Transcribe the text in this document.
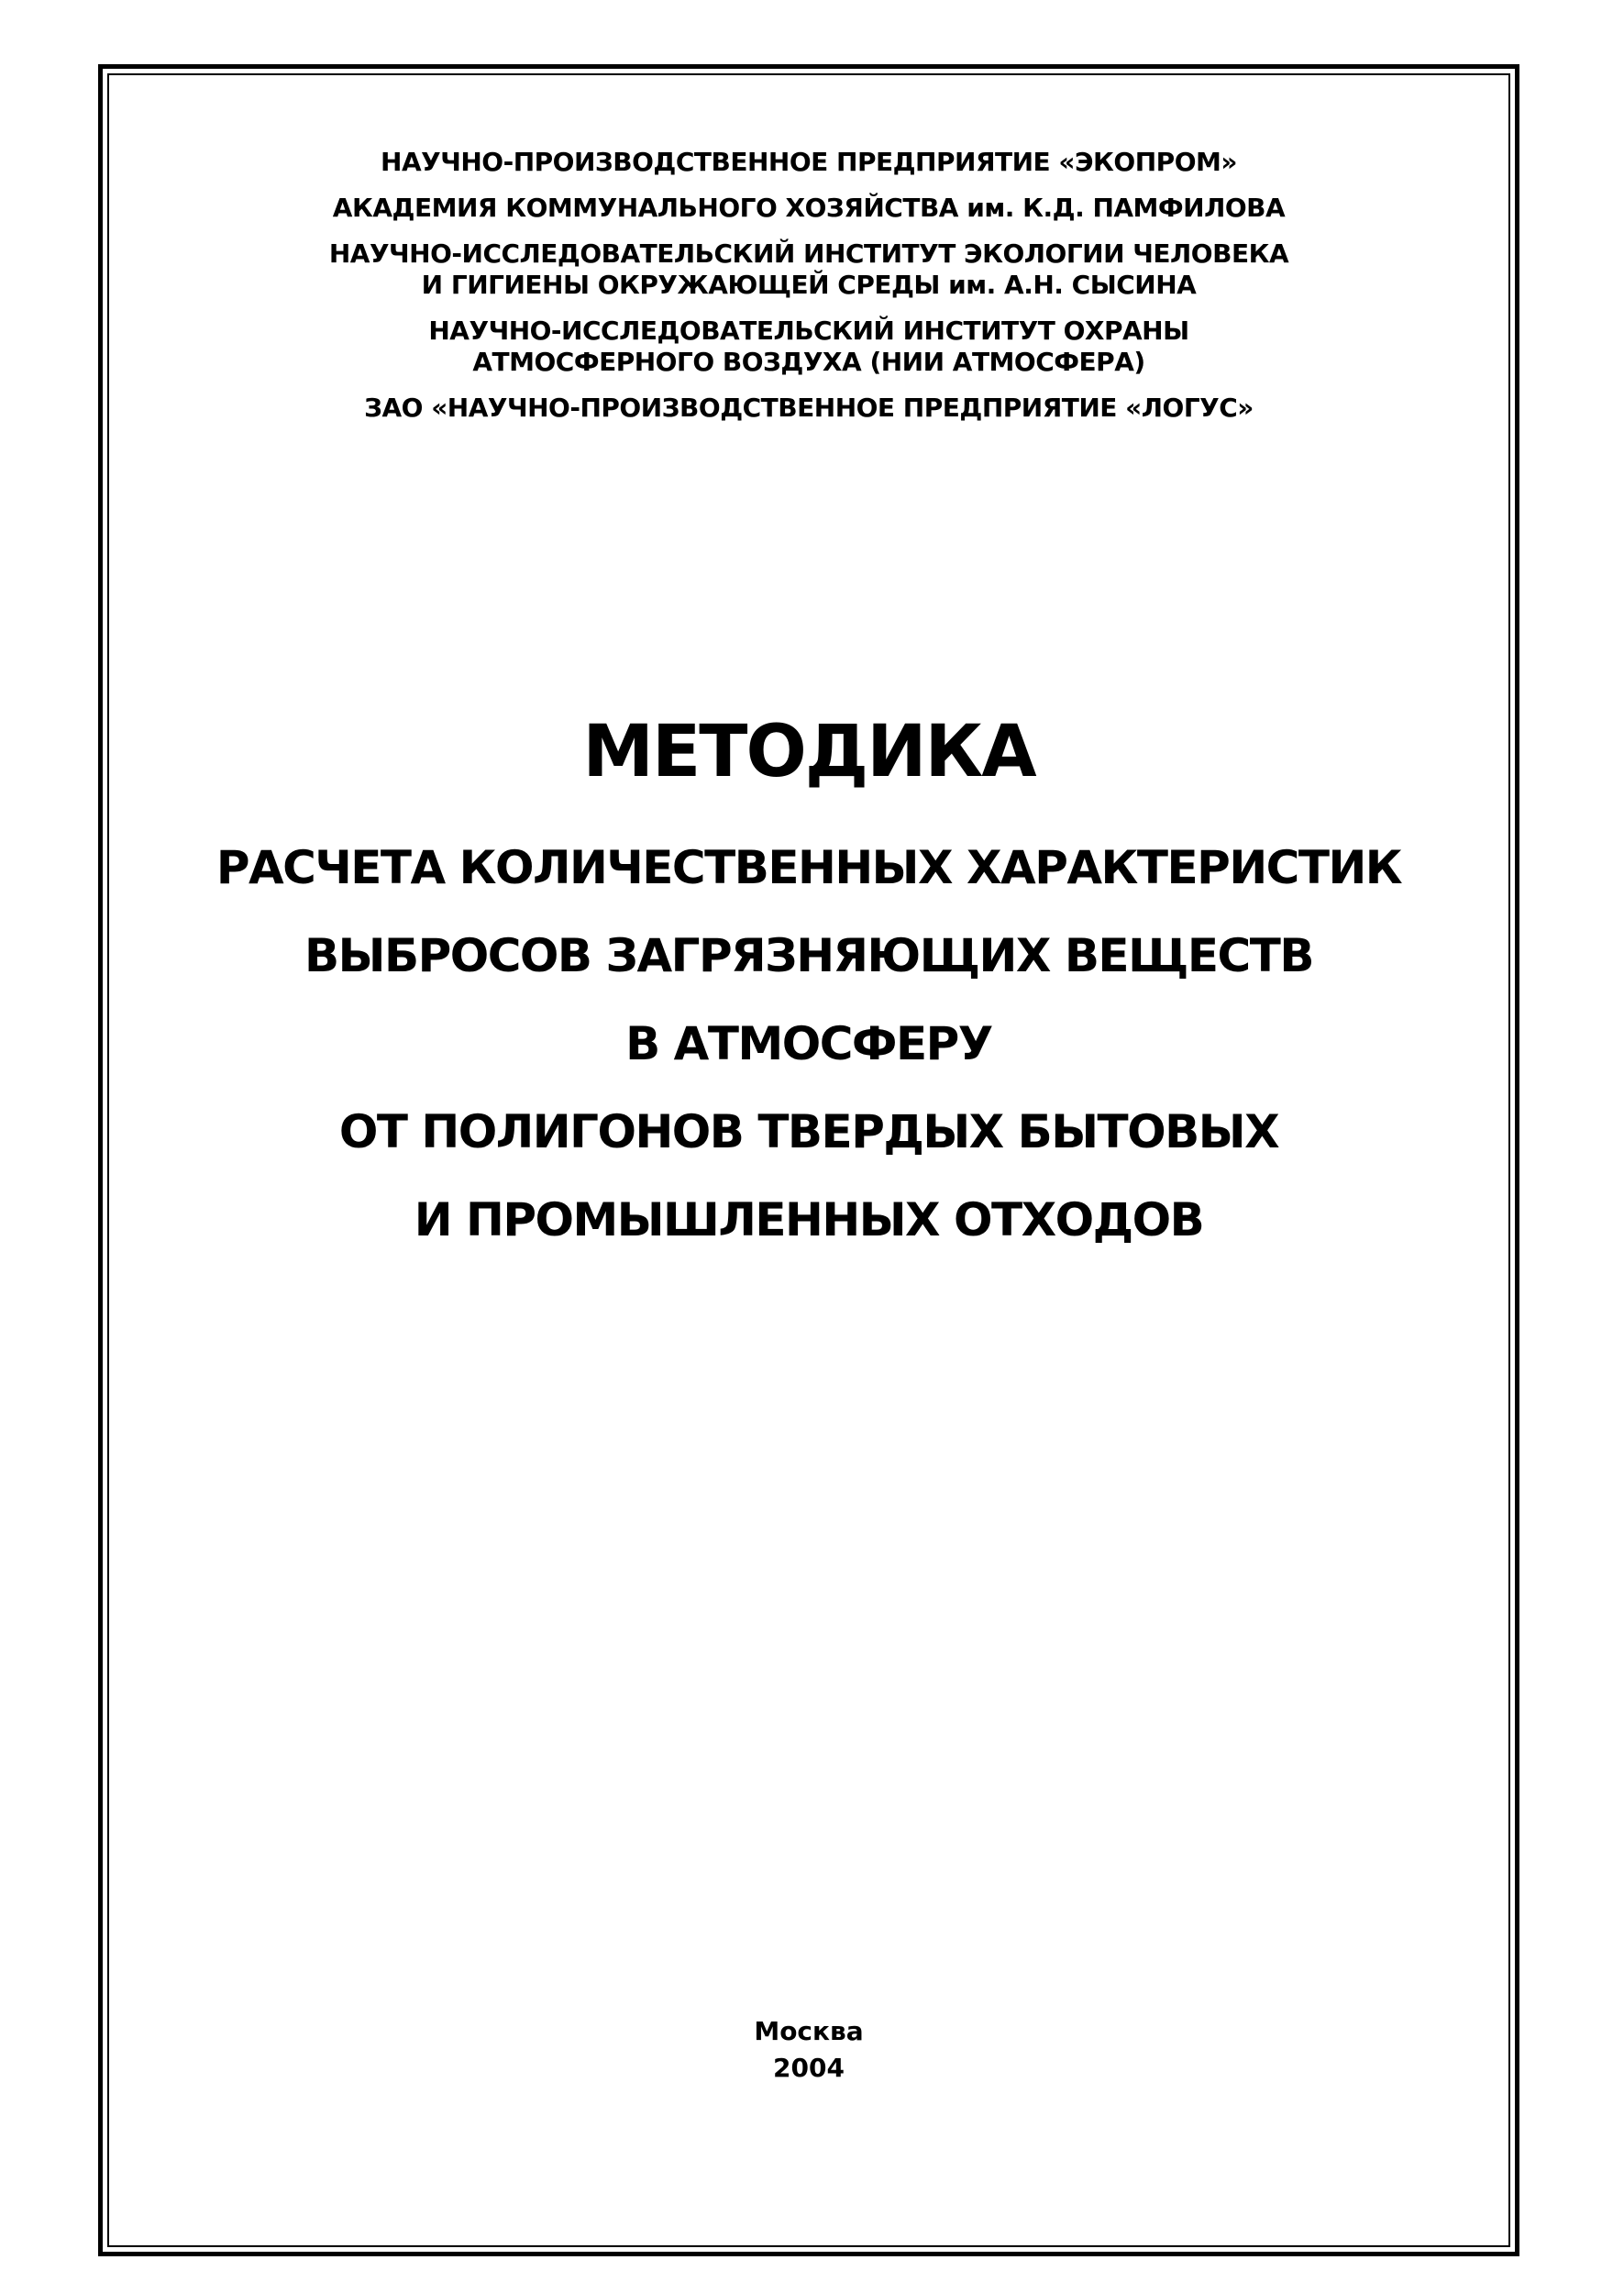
НАУЧНО-ПРОИЗВОДСТВЕННОЕ ПРЕДПРИЯТИЕ «ЭКОПРОМ»
АКАДЕМИЯ КОММУНАЛЬНОГО ХОЗЯЙСТВА им. К.Д. ПАМФИЛОВА
НАУЧНО-ИССЛЕДОВАТЕЛЬСКИЙ ИНСТИТУТ ЭКОЛОГИИ ЧЕЛОВЕКА
И ГИГИЕНЫ ОКРУЖАЮЩЕЙ СРЕДЫ им. А.Н. СЫСИНА
НАУЧНО-ИССЛЕДОВАТЕЛЬСКИЙ ИНСТИТУТ ОХРАНЫ
АТМОСФЕРНОГО ВОЗДУХА (НИИ АТМОСФЕРА)
ЗАО «НАУЧНО-ПРОИЗВОДСТВЕННОЕ ПРЕДПРИЯТИЕ «ЛОГУС»
МЕТОДИКА
РАСЧЕТА КОЛИЧЕСТВЕННЫХ ХАРАКТЕРИСТИК
ВЫБРОСОВ ЗАГРЯЗНЯЮЩИХ ВЕЩЕСТВ
В АТМОСФЕРУ
ОТ ПОЛИГОНОВ ТВЕРДЫХ БЫТОВЫХ
И ПРОМЫШЛЕННЫХ ОТХОДОВ
Москва
2004
